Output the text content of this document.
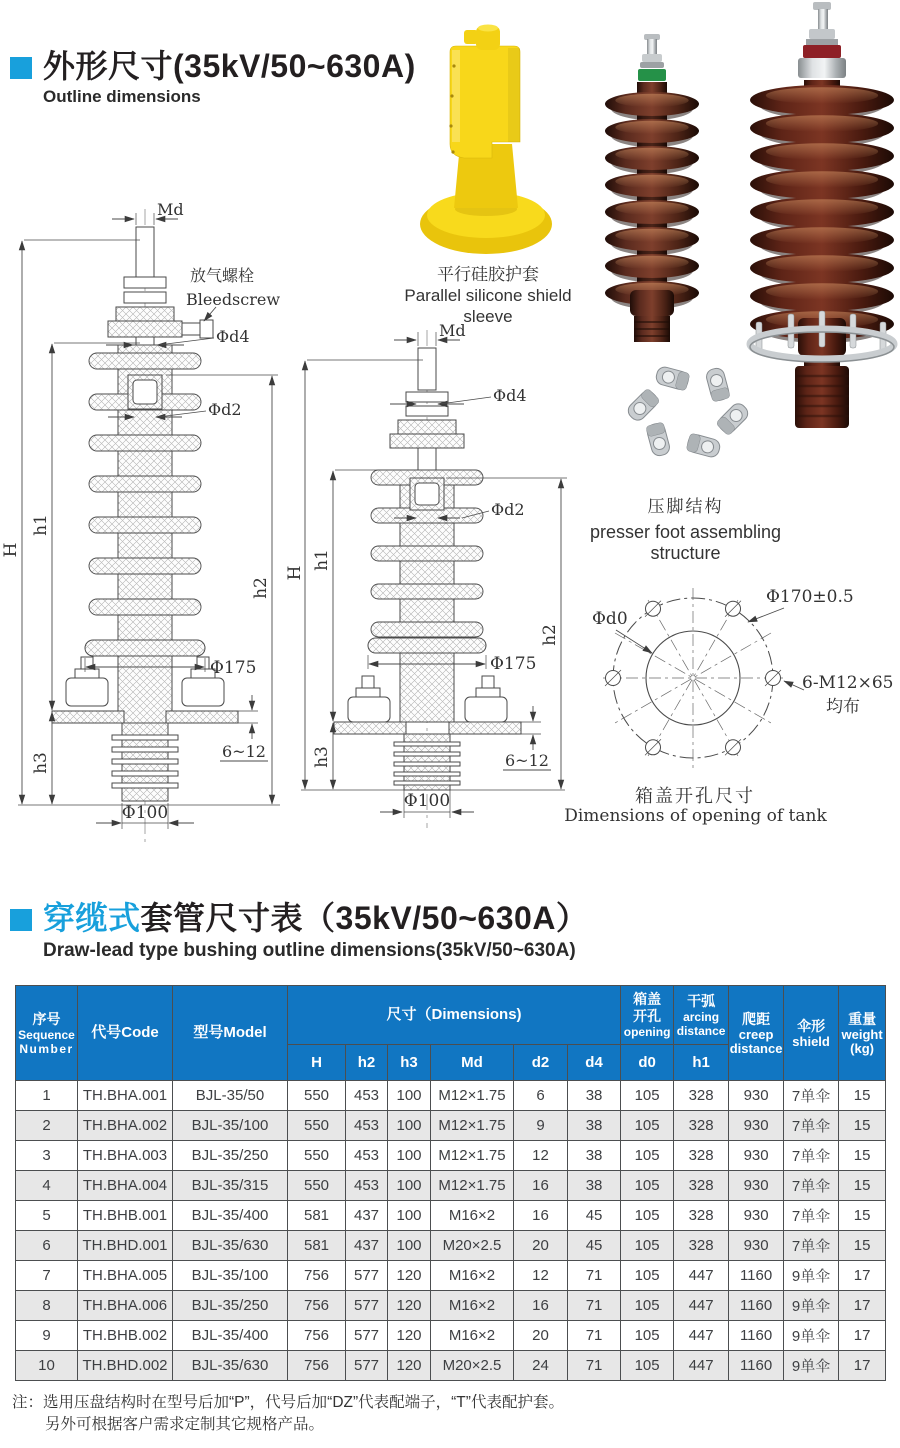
外形尺寸(35kV/50~630A)
Outline dimensions
Md
H
h1
h3
h2
放气螺栓
Bleedscrew
Φd4
Φd2
Φ175
6~12
Φ100
Md
H
h1
h3
h2
Φd4
Φd2
Φ175
6~12
Φ100
平行硅胶护套
Parallel silicone shield sleeve
压脚结构
presser foot assembling
structure
Φd0
Φ170±0.5
6-M12×65
均布
箱盖开孔尺寸
Dimensions of opening of tank
穿缆式套管尺寸表（35kV/50~630A）
Draw-lead type bushing outline dimensions(35kV/50~630A)
序号
Sequence
Number	代号Code	型号Model	尺寸（Dimensions)						箱盖
开孔
opening	干弧
arcing
distance	爬距
creep
distance	伞形
shield	重量
weight
(kg)

			H	h2	h3	Md	d2	d4	d0	h1			
1	TH.BHA.001	BJL-35/50	550	453	100	M12×1.75	6	38	105	328	930	7单伞	15
2	TH.BHA.002	BJL-35/100	550	453	100	M12×1.75	9	38	105	328	930	7单伞	15
3	TH.BHA.003	BJL-35/250	550	453	100	M12×1.75	12	38	105	328	930	7单伞	15
4	TH.BHA.004	BJL-35/315	550	453	100	M12×1.75	16	38	105	328	930	7单伞	15
5	TH.BHB.001	BJL-35/400	581	437	100	M16×2	16	45	105	328	930	7单伞	15
6	TH.BHD.001	BJL-35/630	581	437	100	M20×2.5	20	45	105	328	930	7单伞	15
7	TH.BHA.005	BJL-35/100	756	577	120	M16×2	12	71	105	447	1160	9单伞	17
8	TH.BHA.006	BJL-35/250	756	577	120	M16×2	16	71	105	447	1160	9单伞	17
9	TH.BHB.002	BJL-35/400	756	577	120	M16×2	20	71	105	447	1160	9单伞	17
10	TH.BHD.002	BJL-35/630	756	577	120	M20×2.5	24	71	105	447	1160	9单伞	17
注：选用压盘结构时在型号后加“P”，代号后加“DZ”代表配端子，“T”代表配护套。
另外可根据客户需求定制其它规格产品。
